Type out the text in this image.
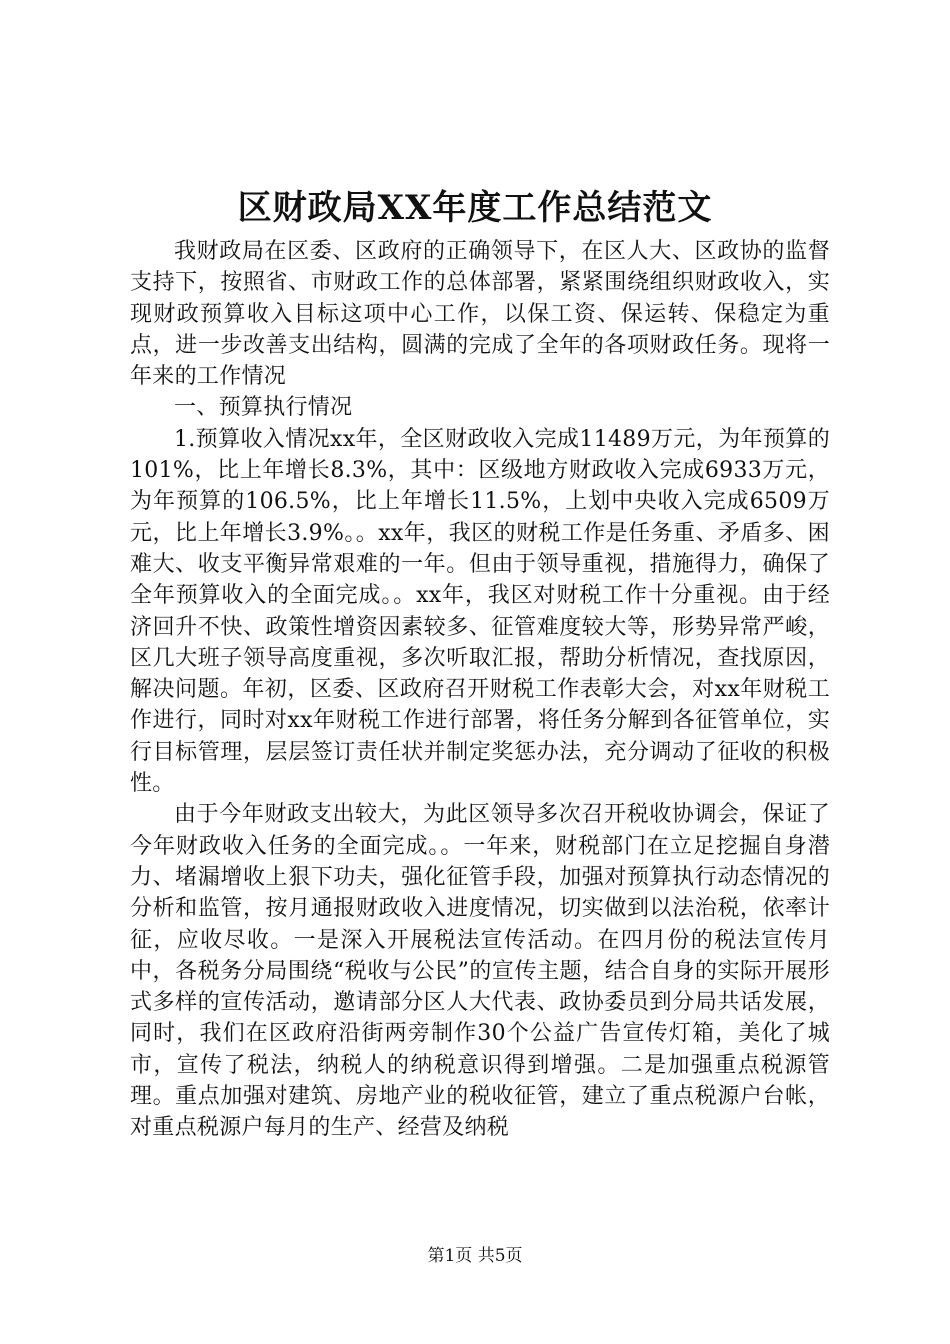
区财政局XX年度工作总结范文

我财政局在区委、区政府的正确领导下，在区人大、区政协的监督支持下，按照省、市财政工作的总体部署，紧紧围绕组织财政收入，实现财政预算收入目标这项中心工作，以保工资、保运转、保稳定为重点，进一步改善支出结构，圆满的完成了全年的各项财政任务。现将一年来的工作情况

一、预算执行情况

1.预算收入情况xx年，全区财政收入完成11489万元，为年预算的101%，比上年增长8.3%，其中：区级地方财政收入完成6933万元，为年预算的106.5%，比上年增长11.5%，上划中央收入完成6509万元，比上年增长3.9%。。xx年，我区的财税工作是任务重、矛盾多、困难大、收支平衡异常艰难的一年。但由于领导重视，措施得力，确保了全年预算收入的全面完成。。xx年，我区对财税工作十分重视。由于经济回升不快、政策性增资因素较多、征管难度较大等，形势异常严峻，区几大班子领导高度重视，多次听取汇报，帮助分析情况，查找原因，解决问题。年初，区委、区政府召开财税工作表彰大会，对xx年财税工作进行，同时对xx年财税工作进行部署，将任务分解到各征管单位，实行目标管理，层层签订责任状并制定奖惩办法，充分调动了征收的积极性。

由于今年财政支出较大，为此区领导多次召开税收协调会，保证了今年财政收入任务的全面完成。。一年来，财税部门在立足挖掘自身潜力、堵漏增收上狠下功夫，强化征管手段，加强对预算执行动态情况的分析和监管，按月通报财政收入进度情况，切实做到以法治税，依率计征，应收尽收。一是深入开展税法宣传活动。在四月份的税法宣传月中，各税务分局围绕“税收与公民”的宣传主题，结合自身的实际开展形式多样的宣传活动，邀请部分区人大代表、政协委员到分局共话发展，同时，我们在区政府沿街两旁制作30个公益广告宣传灯箱，美化了城市，宣传了税法，纳税人的纳税意识得到增强。二是加强重点税源管理。重点加强对建筑、房地产业的税收征管，建立了重点税源户台帐，对重点税源户每月的生产、经营及纳税

第1页 共5页
